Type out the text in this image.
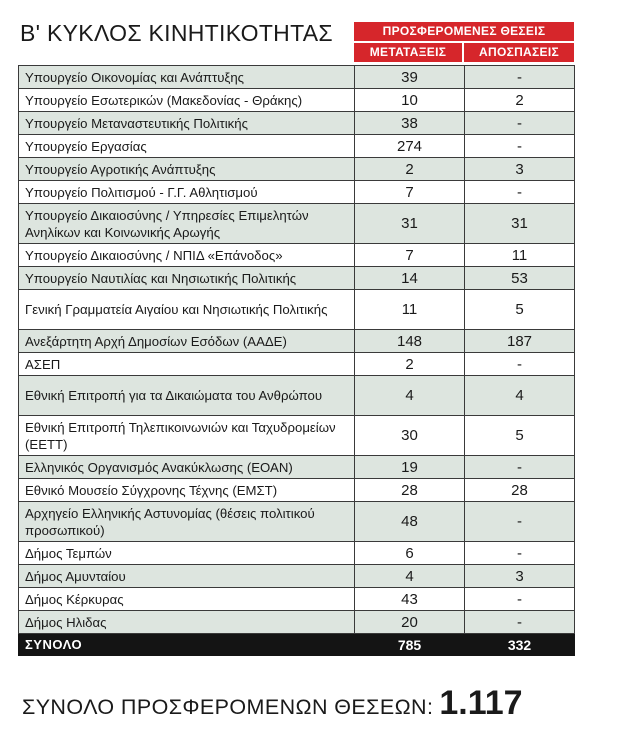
Β' ΚΥΚΛΟΣ ΚΙΝΗΤΙΚΟΤΗΤΑΣ	ΠΡΟΣΦΕΡΟΜΕΝΕΣ ΘΕΣΕΙΣ
ΜΕΤΑΤΑΞΕΙΣ	ΑΠΟΣΠΑΣΕΙΣ
Υπουργείο Οικονομίας και Ανάπτυξης	39	-
Υπουργείο Εσωτερικών (Μακεδονίας - Θράκης)	10	2
Υπουργείο Μεταναστευτικής Πολιτικής	38	-
Υπουργείο Εργασίας	274	-
Υπουργείο Αγροτικής Ανάπτυξης	2	3
Υπουργείο Πολιτισμού - Γ.Γ. Αθλητισμού	7	-
Υπουργείο Δικαιοσύνης / Υπηρεσίες Επιμελητών Ανηλίκων και Κοινωνικής Αρωγής	31	31
Υπουργείο Δικαιοσύνης / ΝΠΙΔ «Επάνοδος»	7	11
Υπουργείο Ναυτιλίας και Νησιωτικής Πολιτικής	14	53
Γενική Γραμματεία Αιγαίου και Νησιωτικής Πολιτικής	11	5
Ανεξάρτητη Αρχή Δημοσίων Εσόδων (ΑΑΔΕ)	148	187
ΑΣΕΠ	2	-
Εθνική Επιτροπή για τα Δικαιώματα του Ανθρώπου	4	4
Εθνική Επιτροπή Τηλεπικοινωνιών και Ταχυδρομείων (ΕΕΤΤ)	30	5
Ελληνικός Οργανισμός Ανακύκλωσης (ΕΟΑΝ)	19	-
Εθνικό Μουσείο Σύγχρονης Τέχνης (ΕΜΣΤ)	28	28
Αρχηγείο Ελληνικής Αστυνομίας (θέσεις πολιτικού προσωπικού)	48	-
Δήμος Τεμπών	6	-
Δήμος Αμυνταίου	4	3
Δήμος Κέρκυρας	43	-
Δήμος Ηλιδας	20	-
ΣΥΝΟΛΟ	785	332
ΣΥΝΟΛΟ ΠΡΟΣΦΕΡΟΜΕΝΩΝ ΘΕΣΕΩΝ: 1.117
